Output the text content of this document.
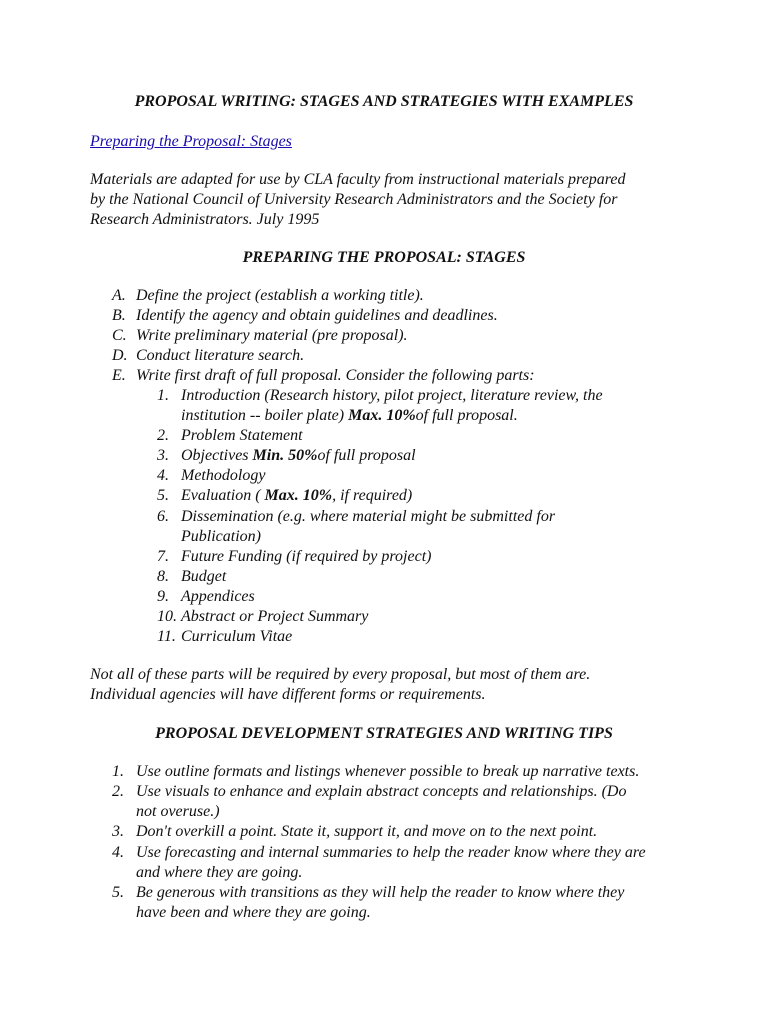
PROPOSAL WRITING: STAGES AND STRATEGIES WITH EXAMPLES
Preparing the Proposal: Stages
Materials are adapted for use by CLA faculty from instructional materials prepared
by the National Council of University Research Administrators and the Society for
Research Administrators. July 1995
PREPARING THE PROPOSAL: STAGES
A. Define the project (establish a working title).
B. Identify the agency and obtain guidelines and deadlines.
C. Write preliminary material (pre proposal).
D. Conduct literature search.
E. Write first draft of full proposal. Consider the following parts:
1. Introduction (Research history, pilot project, literature review, the
institution -- boiler plate) Max. 10%of full proposal.
2. Problem Statement
3. Objectives Min. 50%of full proposal
4. Methodology
5. Evaluation ( Max. 10%, if required)
6. Dissemination (e.g. where material might be submitted for
Publication)
7. Future Funding (if required by project)
8. Budget
9. Appendices
10. Abstract or Project Summary
11. Curriculum Vitae
Not all of these parts will be required by every proposal, but most of them are.
Individual agencies will have different forms or requirements.
PROPOSAL DEVELOPMENT STRATEGIES AND WRITING TIPS
1. Use outline formats and listings whenever possible to break up narrative texts.
2. Use visuals to enhance and explain abstract concepts and relationships. (Do
not overuse.)
3. Don't overkill a point. State it, support it, and move on to the next point.
4. Use forecasting and internal summaries to help the reader know where they are
and where they are going.
5. Be generous with transitions as they will help the reader to know where they
have been and where they are going.
